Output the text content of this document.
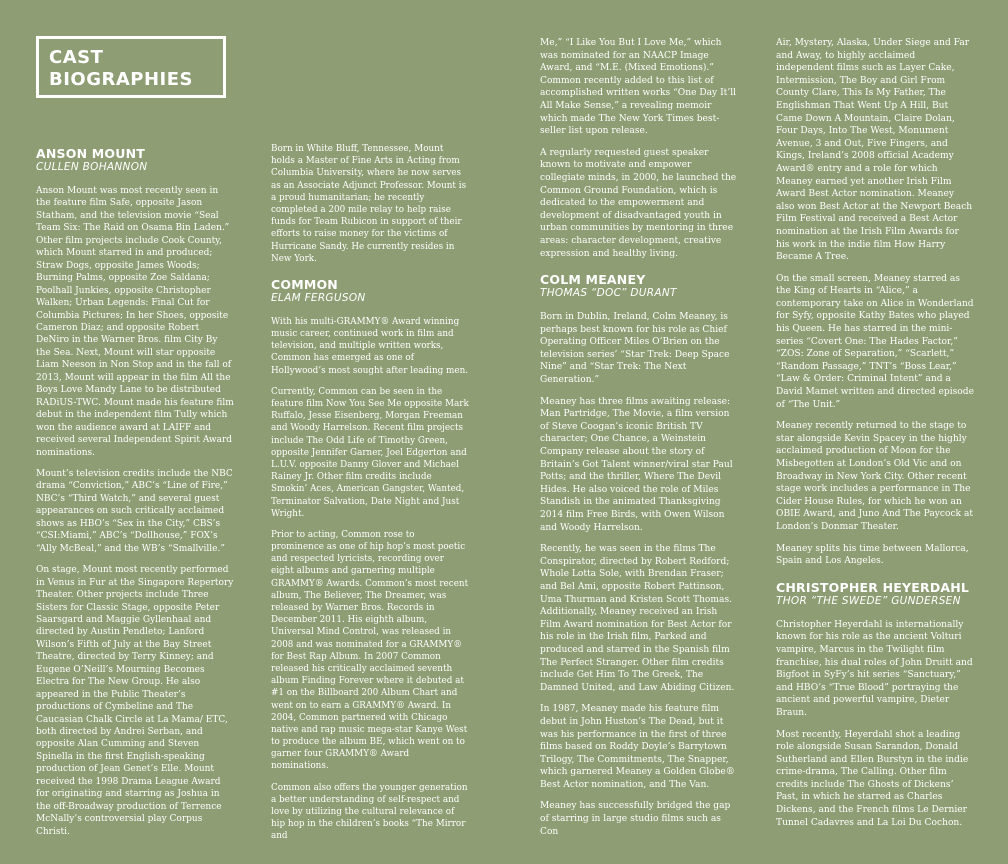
CAST
BIOGRAPHIES
ANSON MOUNT
CULLEN BOHANNON

Anson Mount was most recently seen in the feature film Safe, opposite Jason Statham, and the television movie “Seal Team Six: The Raid on Osama Bin Laden.” Other film projects include Cook County, which Mount starred in and produced; Straw Dogs, opposite James Woods; Burning Palms, opposite Zoe Saldana; Poolhall Junkies, opposite Christopher Walken; Urban Legends: Final Cut for Columbia Pictures; In her Shoes, opposite Cameron Diaz; and opposite Robert DeNiro in the Warner Bros. film City By the Sea. Next, Mount will star opposite Liam Neeson in Non Stop and in the fall of 2013, Mount will appear in the film All the Boys Love Mandy Lane to be distributed RADiUS-TWC. Mount made his feature film debut in the independent film Tully which won the audience award at LAIFF and received several Independent Spirit Award nominations.

Mount’s television credits include the NBC drama “Conviction,” ABC’s “Line of Fire,” NBC’s “Third Watch,” and several guest appearances on such critically acclaimed shows as HBO’s “Sex in the City,” CBS’s “CSI:Miami,” ABC’s “Dollhouse,” FOX’s “Ally McBeal,” and the WB’s “Smallville.”

On stage, Mount most recently performed in Venus in Fur at the Singapore Repertory Theater. Other projects include Three Sisters for Classic Stage, opposite Peter Saarsgard and Maggie Gyllenhaal and directed by Austin Pendleto; Lanford Wilson’s Fifth of July at the Bay Street Theatre, directed by Terry Kinney; and Eugene O’Neill’s Mourning Becomes Electra for The New Group. He also appeared in the Public Theater’s productions of Cymbeline and The Caucasian Chalk Circle at La Mama/ ETC, both directed by Andrei Serban, and opposite Alan Cumming and Steven Spinella in the first English-speaking production of Jean Genet’s Elle. Mount received the 1998 Drama League Award for originating and starring as Joshua in the off-Broadway production of Terrence McNally’s controversial play Corpus Christi.

Born in White Bluff, Tennessee, Mount holds a Master of Fine Arts in Acting from Columbia University, where he now serves as an Associate Adjunct Professor. Mount is a proud humanitarian; he recently completed a 200 mile relay to help raise funds for Team Rubicon in support of their efforts to raise money for the victims of Hurricane Sandy. He currently resides in New York.

COMMON
ELAM FERGUSON

With his multi-GRAMMY® Award winning music career, continued work in film and television, and multiple written works, Common has emerged as one of Hollywood’s most sought after leading men.

Currently, Common can be seen in the feature film Now You See Me opposite Mark Ruffalo, Jesse Eisenberg, Morgan Freeman and Woody Harrelson. Recent film projects include The Odd Life of Timothy Green, opposite Jennifer Garner, Joel Edgerton and L.U.V. opposite Danny Glover and Michael Rainey Jr. Other film credits include Smokin’ Aces, American Gangster, Wanted, Terminator Salvation, Date Night and Just Wright.

Prior to acting, Common rose to prominence as one of hip hop’s most poetic and respected lyricists, recording over eight albums and garnering multiple GRAMMY® Awards. Common’s most recent album, The Believer, The Dreamer, was released by Warner Bros. Records in December 2011. His eighth album, Universal Mind Control, was released in 2008 and was nominated for a GRAMMY® for Best Rap Album. In 2007 Common released his critically acclaimed seventh album Finding Forever where it debuted at #1 on the Billboard 200 Album Chart and went on to earn a GRAMMY® Award. In 2004, Common partnered with Chicago native and rap music mega-star Kanye West to produce the album BE, which went on to garner four GRAMMY® Award nominations.

Common also offers the younger generation a better understanding of self-respect and love by utilizing the cultural relevance of hip hop in the children’s books “The Mirror and

Me,” “I Like You But I Love Me,” which was nominated for an NAACP Image Award, and “M.E. (Mixed Emotions).” Common recently added to this list of accomplished written works “One Day It’ll All Make Sense,” a revealing memoir which made The New York Times best-seller list upon release.

A regularly requested guest speaker known to motivate and empower collegiate minds, in 2000, he launched the Common Ground Foundation, which is dedicated to the empowerment and development of disadvantaged youth in urban communities by mentoring in three areas: character development, creative expression and healthy living.

COLM MEANEY
THOMAS “DOC” DURANT

Born in Dublin, Ireland, Colm Meaney, is perhaps best known for his role as Chief Operating Officer Miles O’Brien on the television series’ “Star Trek: Deep Space Nine” and “Star Trek: The Next Generation.”

Meaney has three films awaiting release: Man Partridge, The Movie, a film version of Steve Coogan’s iconic British TV character; One Chance, a Weinstein Company release about the story of Britain’s Got Talent winner/viral star Paul Potts; and the thriller, Where The Devil Hides. He also voiced the role of Miles Standish in the animated Thanksgiving 2014 film Free Birds, with Owen Wilson and Woody Harrelson.

Recently, he was seen in the films The Conspirator, directed by Robert Redford; Whole Lotta Sole, with Brendan Fraser; and Bel Ami, opposite Robert Pattinson, Uma Thurman and Kristen Scott Thomas. Additionally, Meaney received an Irish Film Award nomination for Best Actor for his role in the Irish film, Parked and produced and starred in the Spanish film The Perfect Stranger. Other film credits include Get Him To The Greek, The Damned United, and Law Abiding Citizen.

In 1987, Meaney made his feature film debut in John Huston’s The Dead, but it was his performance in the first of three films based on Roddy Doyle’s Barrytown Trilogy, The Commitments, The Snapper, which garnered Meaney a Golden Globe® Best Actor nomination, and The Van.

Meaney has successfully bridged the gap of starring in large studio films such as Con

Air, Mystery, Alaska, Under Siege and Far and Away, to highly acclaimed independent films such as Layer Cake, Intermission, The Boy and Girl From County Clare, This Is My Father, The Englishman That Went Up A Hill, But Came Down A Mountain, Claire Dolan, Four Days, Into The West, Monument Avenue, 3 and Out, Five Fingers, and Kings, Ireland’s 2008 official Academy Award® entry and a role for which Meaney earned yet another Irish Film Award Best Actor nomination. Meaney also won Best Actor at the Newport Beach Film Festival and received a Best Actor nomination at the Irish Film Awards for his work in the indie film How Harry Became A Tree.

On the small screen, Meaney starred as the King of Hearts in “Alice,” a contemporary take on Alice in Wonderland for Syfy, opposite Kathy Bates who played his Queen. He has starred in the mini-series “Covert One: The Hades Factor,” “ZOS: Zone of Separation,” “Scarlett,” “Random Passage,” TNT’s “Boss Lear,” “Law & Order: Criminal Intent” and a David Mamet written and directed episode of “The Unit.”

Meaney recently returned to the stage to star alongside Kevin Spacey in the highly acclaimed production of Moon for the Misbegotten at London’s Old Vic and on Broadway in New York City. Other recent stage work includes a performance in The Cider House Rules, for which he won an OBIE Award, and Juno And The Paycock at London’s Donmar Theater.

Meaney splits his time between Mallorca, Spain and Los Angeles.

CHRISTOPHER HEYERDAHL
THOR “THE SWEDE” GUNDERSEN

Christopher Heyerdahl is internationally known for his role as the ancient Volturi vampire, Marcus in the Twilight film franchise, his dual roles of John Druitt and Bigfoot in SyFy’s hit series “Sanctuary,” and HBO’s “True Blood” portraying the ancient and powerful vampire, Dieter Braun.

Most recently, Heyerdahl shot a leading role alongside Susan Sarandon, Donald Sutherland and Ellen Burstyn in the indie crime-drama, The Calling. Other film credits include The Ghosts of Dickens’ Past, in which he starred as Charles Dickens, and the French films Le Dernier Tunnel Cadavres and La Loi Du Cochon.
